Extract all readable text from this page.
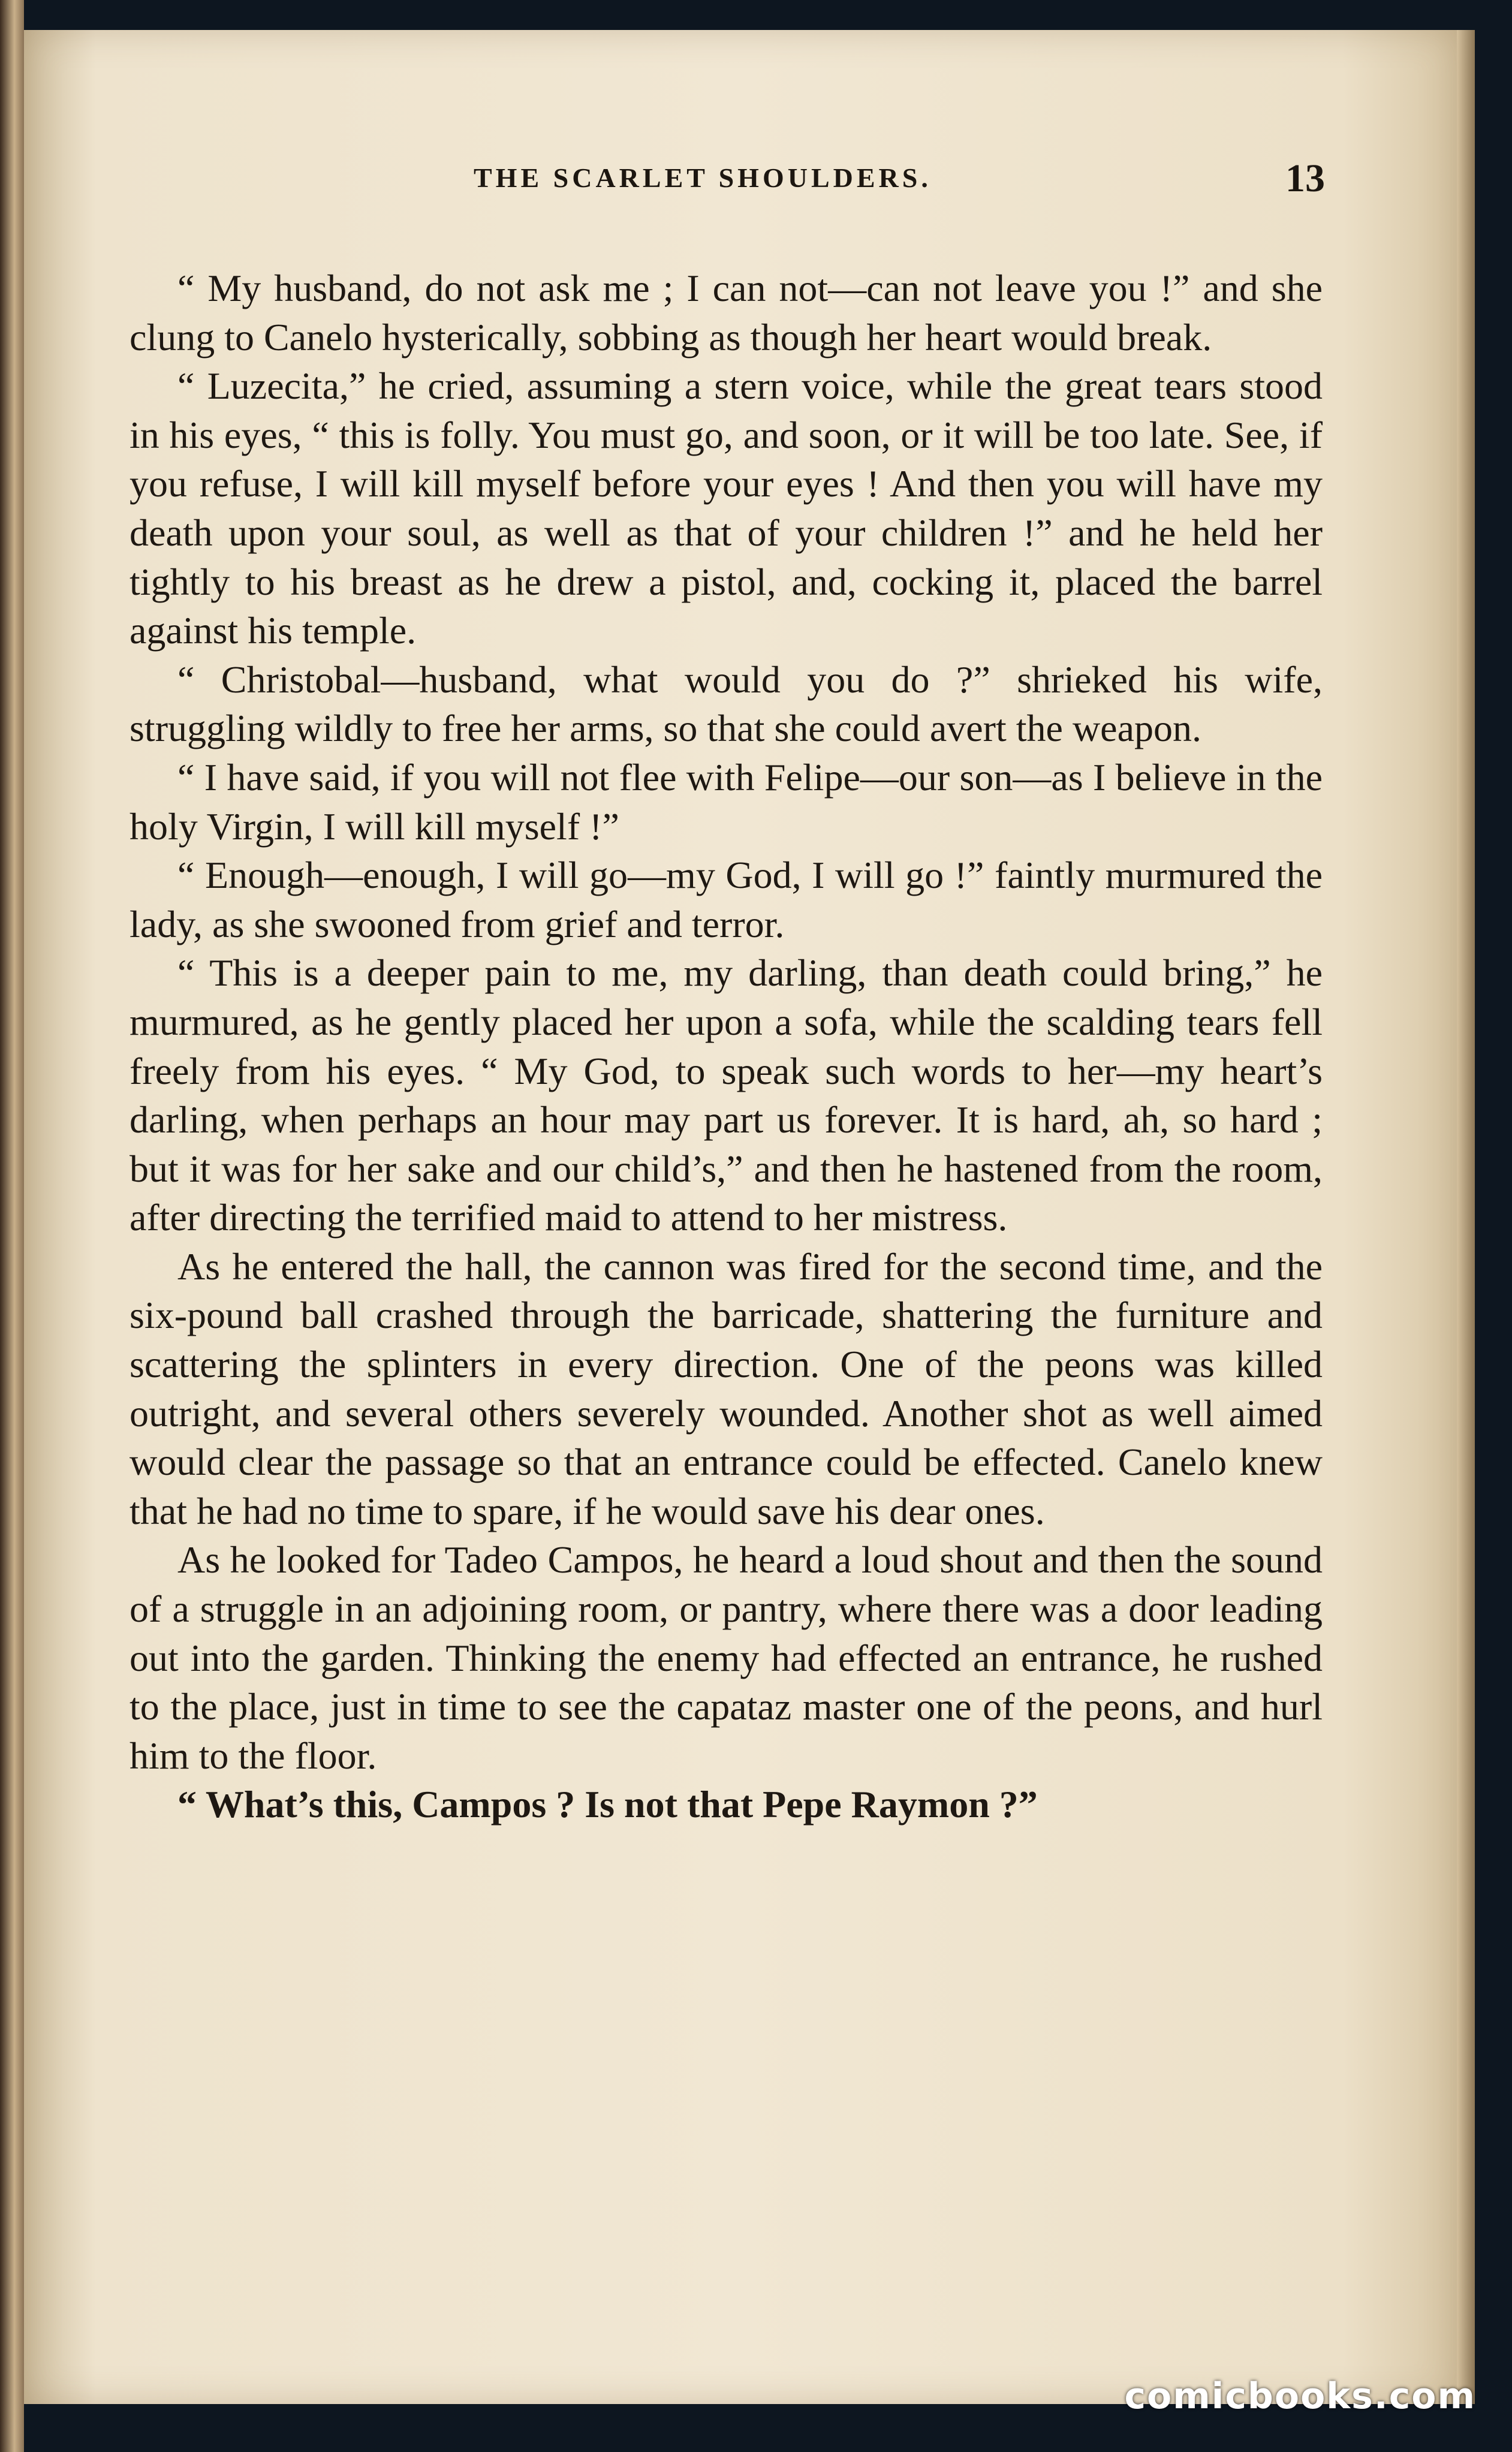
THE SCARLET SHOULDERS.	13

“ My husband, do not ask me ; I can not—can not leave you !” and she clung to Canelo hysterically, sobbing as though her heart would break.

“ Luzecita,” he cried, assuming a stern voice, while the great tears stood in his eyes, “ this is folly. You must go, and soon, or it will be too late. See, if you refuse, I will kill myself before your eyes ! And then you will have my death upon your soul, as well as that of your children !” and he held her tightly to his breast as he drew a pistol, and, cocking it, placed the barrel against his temple.

“ Christobal—husband, what would you do ?” shrieked his wife, struggling wildly to free her arms, so that she could avert the weapon.

“ I have said, if you will not flee with Felipe—our son—as I believe in the holy Virgin, I will kill myself !”

“ Enough—enough, I will go—my God, I will go !” faintly murmured the lady, as she swooned from grief and terror.

“ This is a deeper pain to me, my darling, than death could bring,” he murmured, as he gently placed her upon a sofa, while the scalding tears fell freely from his eyes. “ My God, to speak such words to her—my heart’s darling, when perhaps an hour may part us forever. It is hard, ah, so hard ; but it was for her sake and our child’s,” and then he hastened from the room, after directing the terrified maid to attend to her mistress.

As he entered the hall, the cannon was fired for the second time, and the six-pound ball crashed through the barricade, shattering the furniture and scattering the splinters in every direction. One of the peons was killed outright, and several others severely wounded. Another shot as well aimed would clear the passage so that an entrance could be effected. Canelo knew that he had no time to spare, if he would save his dear ones.

As he looked for Tadeo Campos, he heard a loud shout and then the sound of a struggle in an adjoining room, or pantry, where there was a door leading out into the garden. Thinking the enemy had effected an entrance, he rushed to the place, just in time to see the capataz master one of the peons, and hurl him to the floor.

“ What’s this, Campos ? Is not that Pepe Raymon ?”

comicbooks.com
